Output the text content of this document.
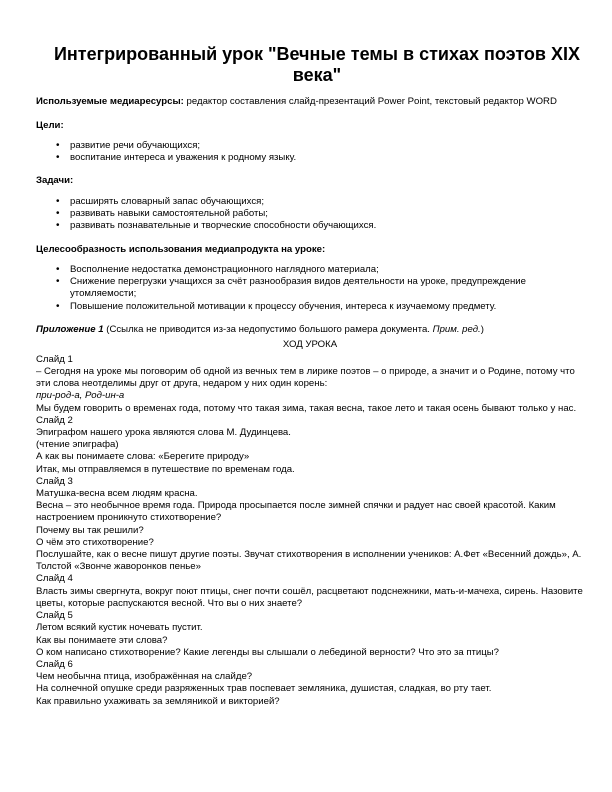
Интегрированный урок "Вечные темы в стихах поэтов XIX века"

Используемые медиаресурсы: редактор составления слайд-презентаций Power Point, текстовый редактор WORD

Цели:
• развитие речи обучающихся;
• воспитание интереса и уважения к родному языку.
Задачи:
• расширять словарный запас обучающихся;
• развивать навыки самостоятельной работы;
• развивать познавательные и творческие способности обучающихся.
Целесообразность использования медиапродукта на уроке:
• Восполнение недостатка демонстрационного наглядного материала;
• Снижение перегрузки учащихся за счёт разнообразия видов деятельности на уроке, предупреждение утомляемости;
• Повышение положительной мотивации к процессу обучения, интереса к изучаемому предмету.

Приложение 1 (Ссылка не приводится из-за недопустимо большого рамера документа. Прим. ред.)

ХОД УРОКА

Слайд 1

– Сегодня на уроке мы поговорим об одной из вечных тем в лирике поэтов – о природе, а значит и о Родине, потому что эти слова неотделимы друг от друга, недаром у них один корень:

при-род-а, Род-ин-а

Мы будем говорить о временах года, потому что такая зима, такая весна, такое лето и такая осень бывают только у нас.

Слайд 2

Эпиграфом нашего урока являются слова М. Дудинцева.

(чтение эпиграфа)

А как вы понимаете слова: «Берегите природу»

Итак, мы отправляемся в путешествие по временам года.

Слайд 3

Матушка-весна всем людям красна.

Весна – это необычное время года. Природа просыпается после зимней спячки и радует нас своей красотой. Каким настроением проникнуто стихотворение?

Почему вы так решили?

О чём это стихотворение?

Послушайте, как о весне пишут другие поэты. Звучат стихотворения в исполнении учеников: А.Фет «Весенний дождь», А. Толстой «Звонче жаворонков пенье»

Слайд 4

Власть зимы свергнута, вокруг поют птицы, снег почти сошёл, расцветают подснежники, мать-и-мачеха, сирень. Назовите цветы, которые распускаются весной. Что вы о них знаете?

Слайд 5

Летом всякий кустик ночевать пустит.

Как вы понимаете эти слова?

О ком написано стихотворение? Какие легенды вы слышали о лебединой верности? Что это за птицы?

Слайд 6

Чем необычна птица, изображённая на слайде?

На солнечной опушке среди разряженных трав поспевает земляника, душистая, сладкая, во рту тает.

Как правильно ухаживать за земляникой и викторией?
